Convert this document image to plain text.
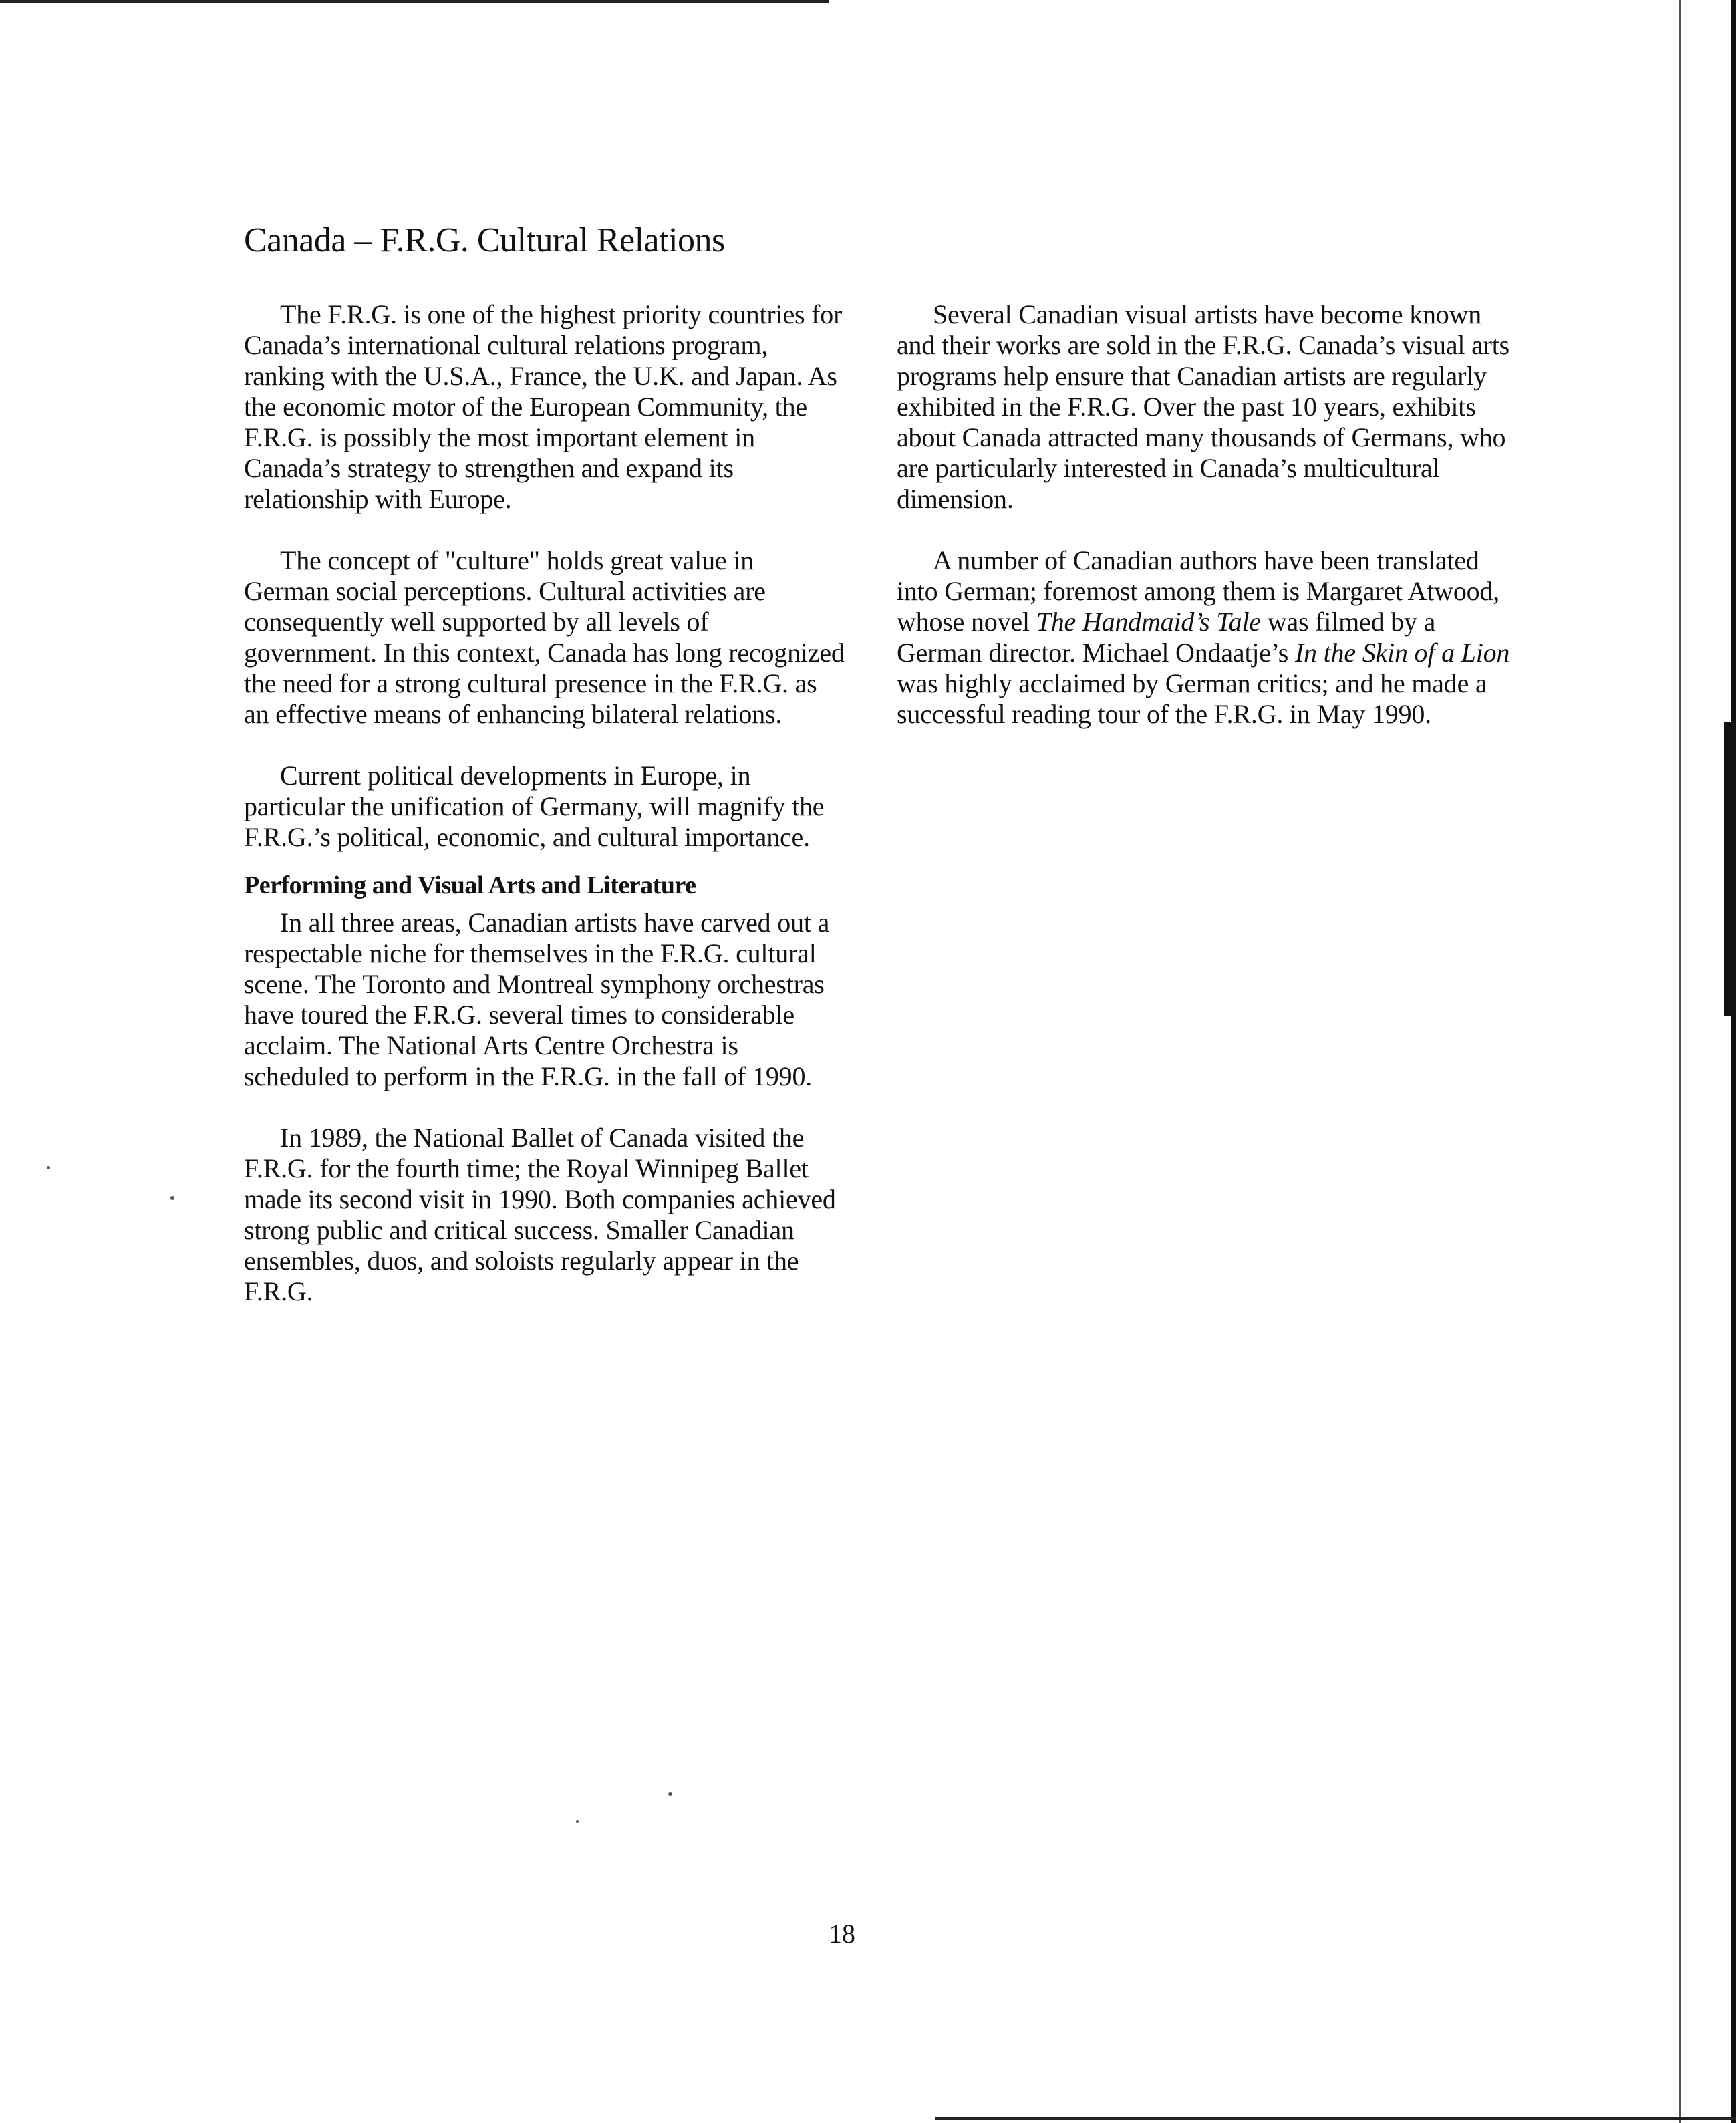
Canada – F.R.G. Cultural Relations

The F.R.G. is one of the highest priority countries for Canada’s international cultural relations program, ranking with the U.S.A., France, the U.K. and Japan. As the economic motor of the European Community, the F.R.G. is possibly the most important element in Canada’s strategy to strengthen and expand its relationship with Europe.

The concept of "culture" holds great value in German social perceptions. Cultural activities are consequently well supported by all levels of government. In this context, Canada has long recognized the need for a strong cultural presence in the F.R.G. as an effective means of enhancing bilateral relations.

Current political developments in Europe, in particular the unification of Germany, will magnify the F.R.G.’s political, economic, and cultural importance.

Performing and Visual Arts and Literature

In all three areas, Canadian artists have carved out a respectable niche for themselves in the F.R.G. cultural scene. The Toronto and Montreal symphony orchestras have toured the F.R.G. several times to considerable acclaim. The National Arts Centre Orchestra is scheduled to perform in the F.R.G. in the fall of 1990.

In 1989, the National Ballet of Canada visited the F.R.G. for the fourth time; the Royal Winnipeg Ballet made its second visit in 1990. Both companies achieved strong public and critical success. Smaller Canadian ensembles, duos, and soloists regularly appear in the F.R.G.

Several Canadian visual artists have become known and their works are sold in the F.R.G. Canada’s visual arts programs help ensure that Canadian artists are regularly exhibited in the F.R.G. Over the past 10 years, exhibits about Canada attracted many thousands of Germans, who are particularly interested in Canada’s multicultural dimension.

A number of Canadian authors have been translated into German; foremost among them is Margaret Atwood, whose novel The Handmaid’s Tale was filmed by a German director. Michael Ondaatje’s In the Skin of a Lion was highly acclaimed by German critics; and he made a successful reading tour of the F.R.G. in May 1990.

18
